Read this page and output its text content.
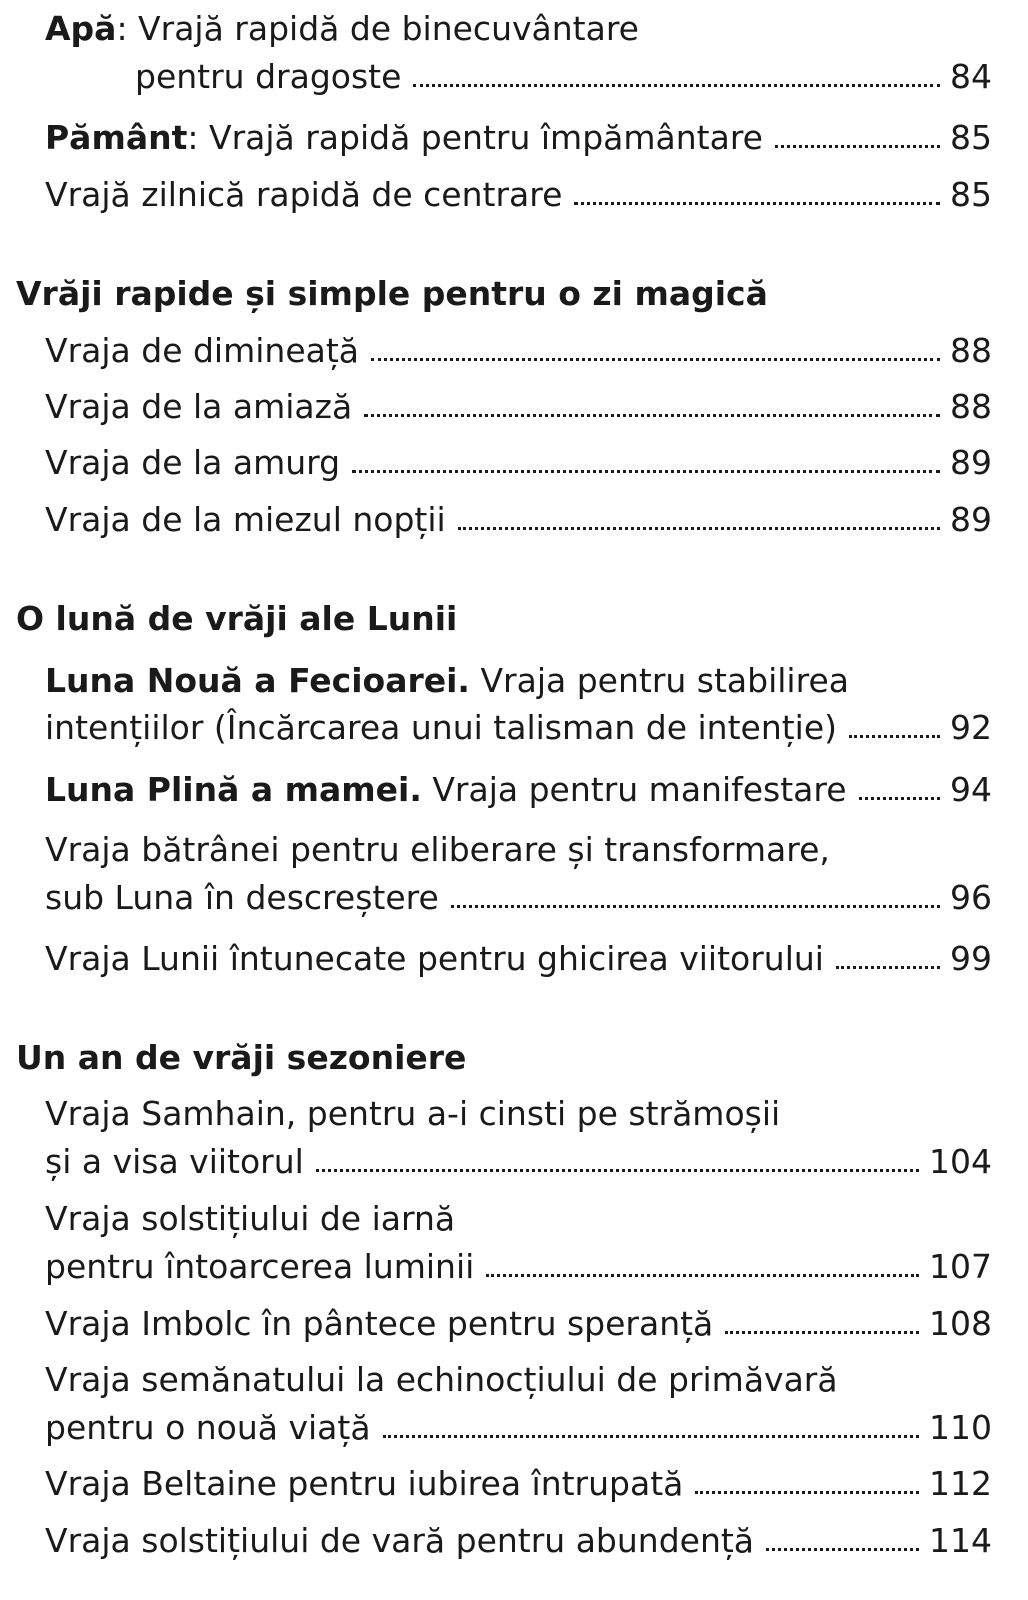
Apă: Vrajă rapidă de binecuvântare
pentru dragoste	84
Pământ: Vrajă rapidă pentru împământare	85
Vrajă zilnică rapidă de centrare	85
Vrăji rapide și simple pentru o zi magică
Vraja de dimineață	88
Vraja de la amiază	88
Vraja de la amurg	89
Vraja de la miezul nopții	89
O lună de vrăji ale Lunii
Luna Nouă a Fecioarei. Vraja pentru stabilirea
intențiilor (Încărcarea unui talisman de intenție)	92
Luna Plină a mamei. Vraja pentru manifestare	94
Vraja bătrânei pentru eliberare și transformare,
sub Luna în descreștere	96
Vraja Lunii întunecate pentru ghicirea viitorului	99
Un an de vrăji sezoniere
Vraja Samhain, pentru a-i cinsti pe strămoșii
și a visa viitorul	104
Vraja solstițiului de iarnă
pentru întoarcerea luminii	107
Vraja Imbolc în pântece pentru speranță	108
Vraja semănatului la echinocțiului de primăvară
pentru o nouă viață	110
Vraja Beltaine pentru iubirea întrupată	112
Vraja solstițiului de vară pentru abundență	114
